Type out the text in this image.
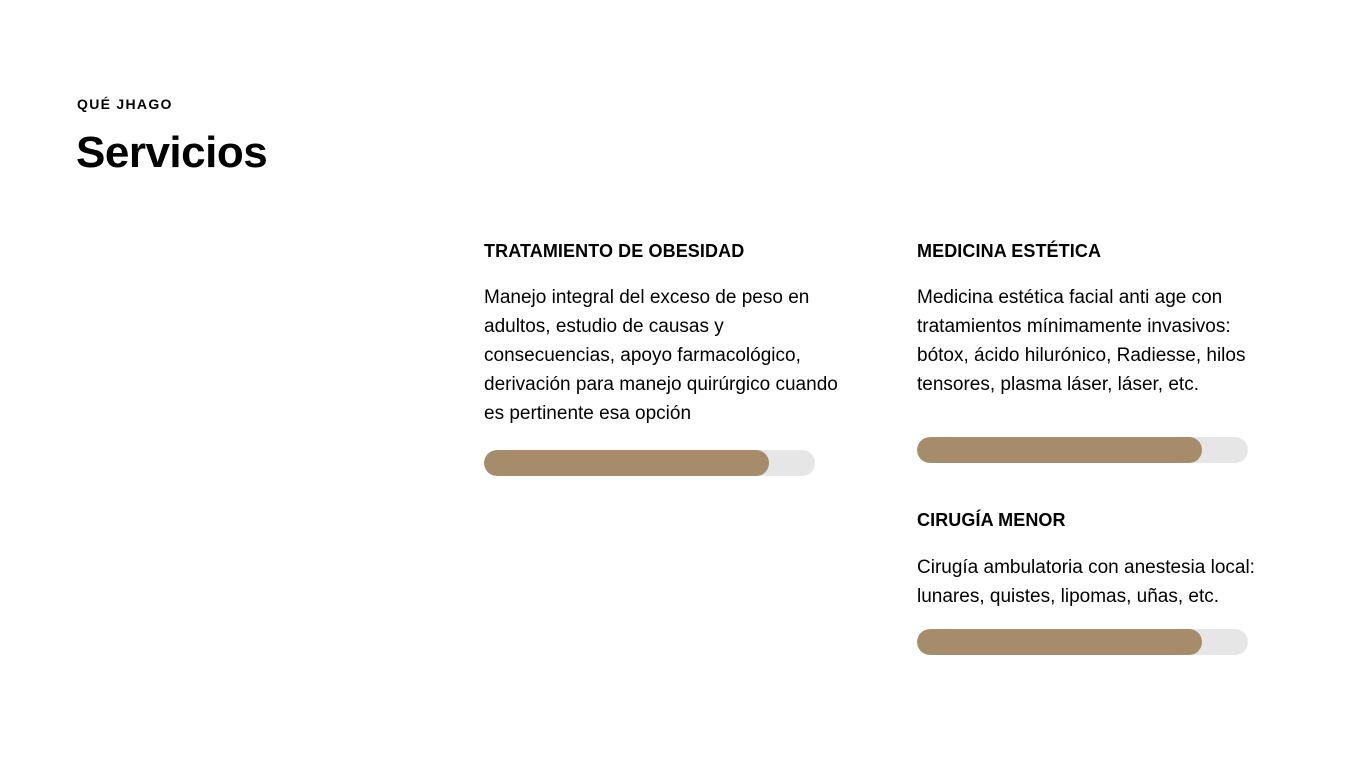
QUÉ JHAGO
Servicios
TRATAMIENTO DE OBESIDAD

Manejo integral del exceso de peso en adultos, estudio de causas y consecuencias, apoyo farmacológico, derivación para manejo quirúrgico cuando es pertinente esa opción

MEDICINA ESTÉTICA

Medicina estética facial anti age con tratamientos mínimamente invasivos: bótox, ácido hilurónico, Radiesse, hilos tensores, plasma láser, láser, etc.

CIRUGÍA MENOR

Cirugía ambulatoria con anestesia local: lunares, quistes, lipomas, uñas, etc.
